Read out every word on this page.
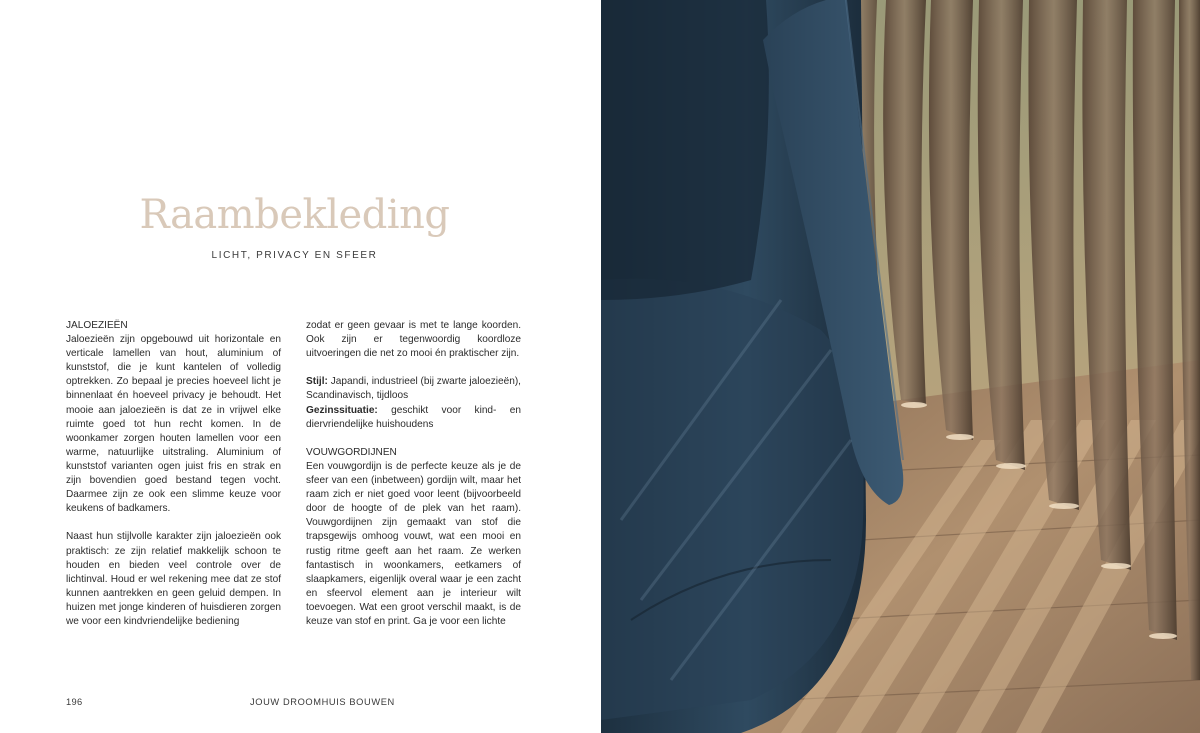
Raambekleding
LICHT, PRIVACY EN SFEER

JALOEZIEËN
Jaloezieën zijn opgebouwd uit horizontale en verticale lamellen van hout, aluminium of kunststof, die je kunt kantelen of volledig optrekken. Zo bepaal je precies hoeveel licht je binnenlaat én hoeveel privacy je behoudt. Het mooie aan jaloezieën is dat ze in vrijwel elke ruimte goed tot hun recht komen. In de woonkamer zorgen houten lamellen voor een warme, natuurlijke uitstraling. Aluminium of kunststof varianten ogen juist fris en strak en zijn bovendien goed bestand tegen vocht. Daarmee zijn ze ook een slimme keuze voor keukens of badkamers.

Naast hun stijlvolle karakter zijn jaloezieën ook praktisch: ze zijn relatief makkelijk schoon te houden en bieden veel controle over de lichtinval. Houd er wel rekening mee dat ze stof kunnen aantrekken en geen geluid dempen. In huizen met jonge kinderen of huisdieren zorgen we voor een kindvriendelijke bediening

zodat er geen gevaar is met te lange koorden. Ook zijn er tegenwoordig koordloze uitvoeringen die net zo mooi én praktischer zijn.

Stijl: Japandi, industrieel (bij zwarte jaloezieën), Scandinavisch, tijdloos
Gezinssituatie: geschikt voor kind- en diervriendelijke huishoudens

VOUWGORDIJNEN
Een vouwgordijn is de perfecte keuze als je de sfeer van een (inbetween) gordijn wilt, maar het raam zich er niet goed voor leent (bijvoorbeeld door de hoogte of de plek van het raam). Vouwgordijnen zijn gemaakt van stof die trapsgewijs omhoog vouwt, wat een mooi en rustig ritme geeft aan het raam. Ze werken fantastisch in woonkamers, eetkamers of slaapkamers, eigenlijk overal waar je een zacht en sfeervol element aan je interieur wilt toevoegen. Wat een groot verschil maakt, is de keuze van stof en print. Ga je voor een lichte

196	JOUW DROOMHUIS BOUWEN
